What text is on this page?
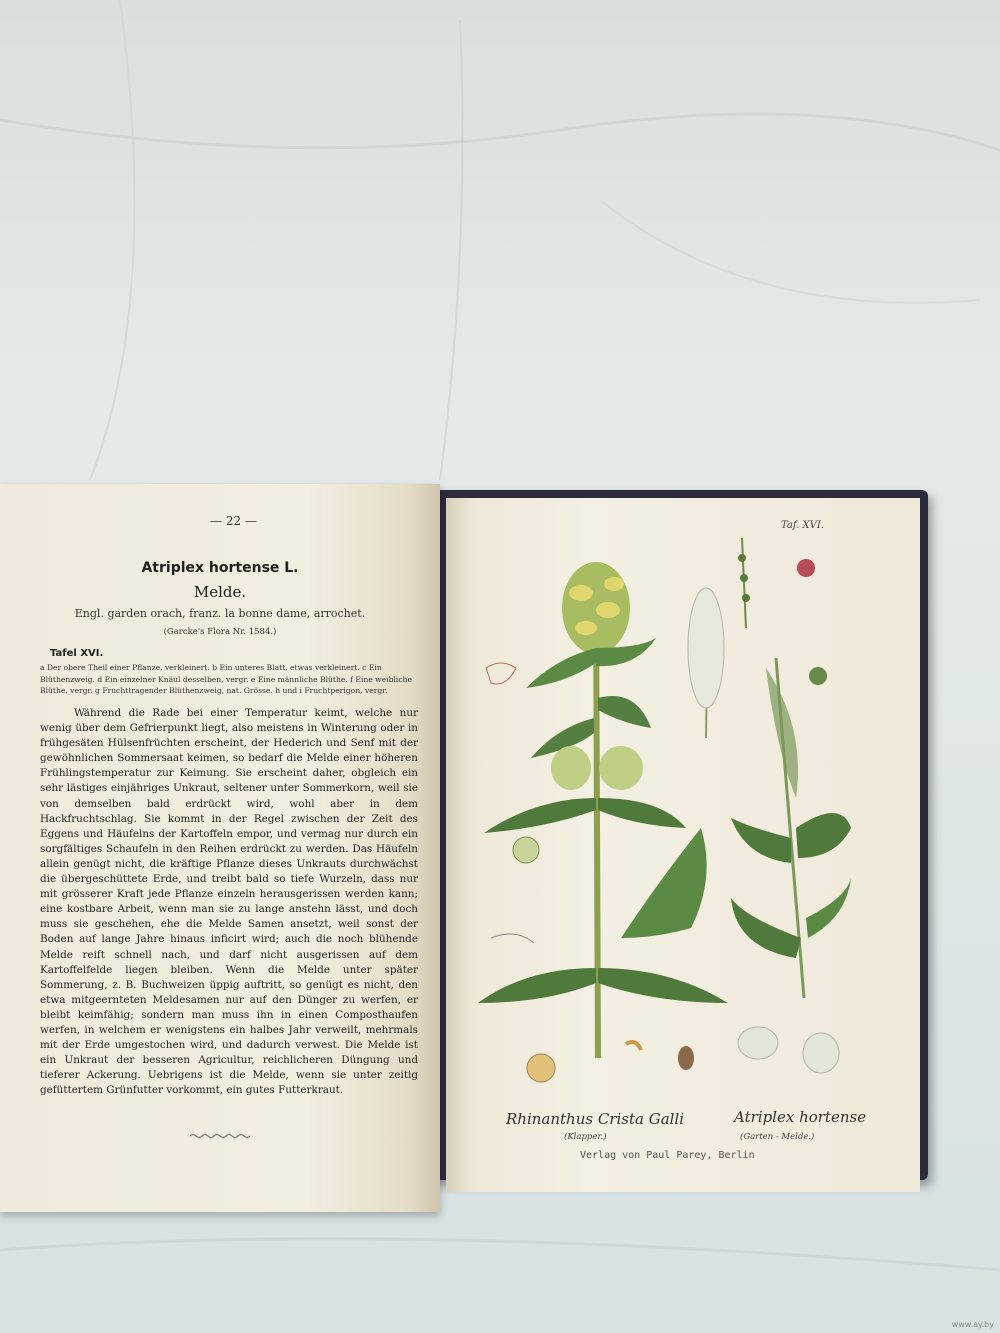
— 22 —
Atriplex hortense L.
Melde.
Engl. garden orach, franz. la bonne dame, arrochet.
(Garcke's Flora Nr. 1584.)
Tafel XVI.
a Der obere Theil einer Pflanze, verkleinert. b Ein unteres Blatt, etwas verkleinert. c Ein Blüthenzweig. d Ein einzelner Knäul desselben, vergr. e Eine männliche Blüthe. f Eine weibliche Blüthe, vergr. g Fruchttragender Blüthenzweig, nat. Grösse. h und i Fruchtperigon, vergr.

Während die Rade bei einer Temperatur keimt, welche nur wenig über dem Gefrierpunkt liegt, also meistens in Winterung oder in frühgesäten Hülsenfrüchten erscheint, der Hederich und Senf mit der gewöhnlichen Sommersaat keimen, so bedarf die Melde einer höheren Frühlingstemperatur zur Keimung. Sie erscheint daher, obgleich ein sehr lästiges einjähriges Unkraut, seltener unter Sommerkorn, weil sie von demselben bald erdrückt wird, wohl aber in dem Hackfruchtschlag. Sie kommt in der Regel zwischen der Zeit des Eggens und Häufelns der Kartoffeln empor, und vermag nur durch ein sorgfältiges Schaufeln in den Reihen erdrückt zu werden. Das Häufeln allein genügt nicht, die kräftige Pflanze dieses Unkrauts durchwächst die übergeschüttete Erde, und treibt bald so tiefe Wurzeln, dass nur mit grösserer Kraft jede Pflanze einzeln herausgerissen werden kann; eine kostbare Arbeit, wenn man sie zu lange anstehn lässt, und doch muss sie geschehen, ehe die Melde Samen ansetzt, weil sonst der Boden auf lange Jahre hinaus inficirt wird; auch die noch blühende Melde reift schnell nach, und darf nicht ausgerissen auf dem Kartoffelfelde liegen bleiben. Wenn die Melde unter später Sommerung, z. B. Buchweizen üppig auftritt, so genügt es nicht, den etwa mitgeernteten Meldesamen nur auf den Dünger zu werfen, er bleibt keimfähig; sondern man muss ihn in einen Composthaufen werfen, in welchem er wenigstens ein halbes Jahr verweilt, mehrmals mit der Erde umgestochen wird, und dadurch verwest. Die Melde ist ein Unkraut der besseren Agricultur, reichlicheren Düngung und tieferer Ackerung. Uebrigens ist die Melde, wenn sie unter zeitig gefüttertem Grünfutter vorkommt, ein gutes Futterkraut.

Taf. XVI.
Rhinanthus Crista Galli
(Klapper.)
Atriplex hortense
(Garten - Melde.)
Verlag von Paul Parey, Berlin
www.ay.by
